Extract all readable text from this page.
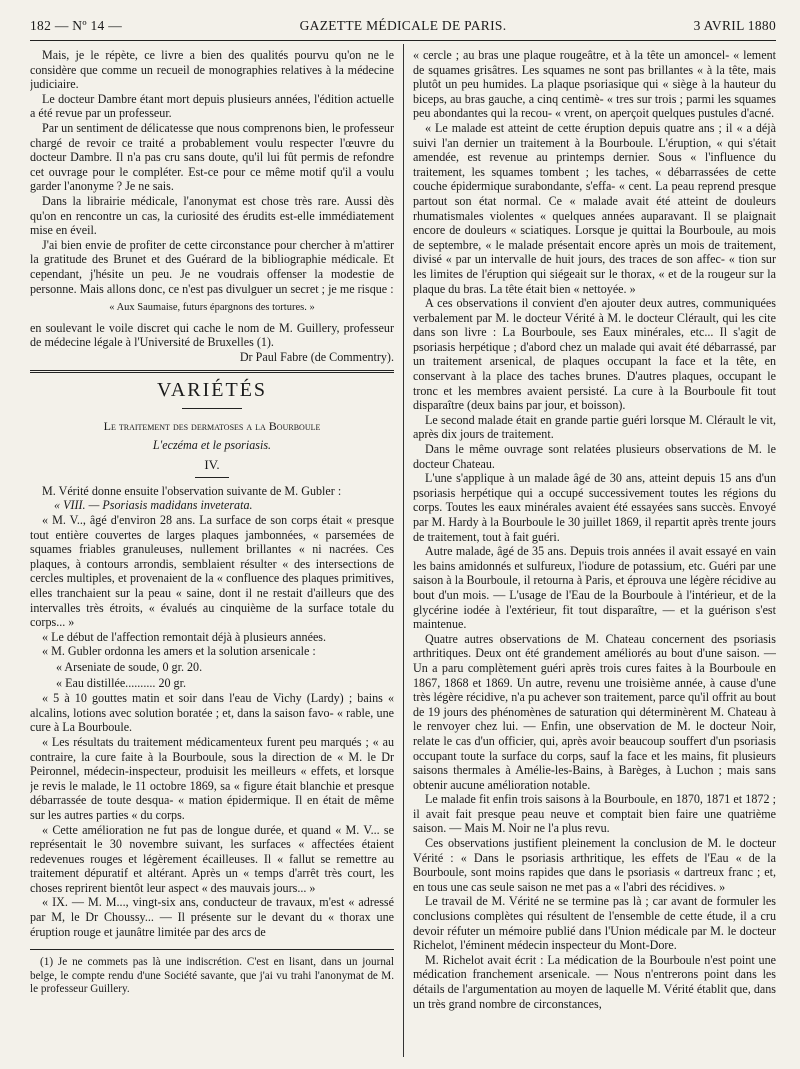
182 — Nº 14 —	GAZETTE MÉDICALE DE PARIS.	3 AVRIL 1880

Mais, je le répète, ce livre a bien des qualités pourvu qu'on ne le considère que comme un recueil de monographies relatives à la médecine judiciaire.

Le docteur Dambre étant mort depuis plusieurs années, l'édition actuelle a été revue par un professeur.

Par un sentiment de délicatesse que nous comprenons bien, le professeur chargé de revoir ce traité a probablement voulu respecter l'œuvre du docteur Dambre. Il n'a pas cru sans doute, qu'il lui fût permis de refondre cet ouvrage pour le compléter. Est-ce pour ce même motif qu'il a voulu garder l'anonyme ? Je ne sais.

Dans la librairie médicale, l'anonymat est chose très rare. Aussi dès qu'on en rencontre un cas, la curiosité des érudits est-elle immédiatement mise en éveil.

J'ai bien envie de profiter de cette circonstance pour chercher à m'attirer la gratitude des Brunet et des Guérard de la bibliographie médicale. Et cependant, j'hésite un peu. Je ne voudrais offenser la modestie de personne. Mais allons donc, ce n'est pas divulguer un secret ; je me risque :

« Aux Saumaise, futurs épargnons des tortures. »

en soulevant le voile discret qui cache le nom de M. Guillery, professeur de médecine légale à l'Université de Bruxelles (1).

Dr Paul Fabre (de Commentry).

VARIÉTÉS

Le traitement des dermatoses a la Bourboule

L'eczéma et le psoriasis.

IV.

M. Vérité donne ensuite l'observation suivante de M. Gubler :

« VIII. — Psoriasis madidans inveterata.

« M. V.., âgé d'environ 28 ans. La surface de son corps était « presque tout entière couvertes de larges plaques jambonnées, « parsemées de squames friables granuleuses, nullement brillantes « ni nacrées. Ces plaques, à contours arrondis, semblaient résulter « des intersections de cercles multiples, et provenaient de la « confluence des plaques primitives, elles tranchaient sur la peau « saine, dont il ne restait d'ailleurs que des intervalles très étroits, « évalués au cinquième de la surface totale du corps... »

« Le début de l'affection remontait déjà à plusieurs années.

« M. Gubler ordonna les amers et la solution arsenicale :

« Arseniate de soude, 0 gr. 20.

« Eau distillée.......... 20 gr.

« 5 à 10 gouttes matin et soir dans l'eau de Vichy (Lardy) ; bains « alcalins, lotions avec solution boratée ; et, dans la saison favo- « rable, une cure à La Bourboule.

« Les résultats du traitement médicamenteux furent peu marqués ; « au contraire, la cure faite à la Bourboule, sous la direction de « M. le Dr Peironnel, médecin-inspecteur, produisit les meilleurs « effets, et lorsque je revis le malade, le 11 octobre 1869, sa « figure était blanchie et presque débarrassée de toute desqua- « mation épidermique. Il en était de même sur les autres parties « du corps.

« Cette amélioration ne fut pas de longue durée, et quand « M. V... se représentait le 30 novembre suivant, les surfaces « affectées étaient redevenues rouges et légèrement écailleuses. Il « fallut se remettre au traitement dépuratif et altérant. Après un « temps d'arrêt très court, les choses reprirent bientôt leur aspect « des mauvais jours... »

« IX. — M. M..., vingt-six ans, conducteur de travaux, m'est « adressé par M, le Dr Choussy... — Il présente sur le devant du « thorax une éruption rouge et jaunâtre limitée par des arcs de

(1) Je ne commets pas là une indiscrétion. C'est en lisant, dans un journal belge, le compte rendu d'une Société savante, que j'ai vu trahi l'anonymat de M. le professeur Guillery.

« cercle ; au bras une plaque rougeâtre, et à la tête un amoncel- « lement de squames grisâtres. Les squames ne sont pas brillantes « à la tête, mais plutôt un peu humides. La plaque psoriasique qui « siège à la hauteur du biceps, au bras gauche, a cinq centimè- « tres sur trois ; parmi les squames peu abondantes qui la recou- « vrent, on aperçoit quelques pustules d'acné.

« Le malade est atteint de cette éruption depuis quatre ans ; il « a déjà suivi l'an dernier un traitement à la Bourboule. L'éruption, « qui s'était amendée, est revenue au printemps dernier. Sous « l'influence du traitement, les squames tombent ; les taches, « débarrassées de cette couche épidermique surabondante, s'effa- « cent. La peau reprend presque partout son état normal. Ce « malade avait été atteint de douleurs rhumatismales violentes « quelques années auparavant. Il se plaignait encore de douleurs « sciatiques. Lorsque je quittai la Bourboule, au mois de septembre, « le malade présentait encore après un mois de traitement, divisé « par un intervalle de huit jours, des traces de son affec- « tion sur les limites de l'éruption qui siégeait sur le thorax, « et de la rougeur sur la plaque du bras. La tête était bien « nettoyée. »

A ces observations il convient d'en ajouter deux autres, communiquées verbalement par M. le docteur Vérité à M. le docteur Clérault, qui les cite dans son livre : La Bourboule, ses Eaux minérales, etc... Il s'agit de psoriasis herpétique ; d'abord chez un malade qui avait été débarrassé, par un traitement arsenical, de plaques occupant la face et la tête, en conservant à la place des taches brunes. D'autres plaques, occupant le tronc et les membres avaient persisté. La cure à la Bourboule fit tout disparaître (deux bains par jour, et boisson).

Le second malade était en grande partie guéri lorsque M. Clérault le vit, après dix jours de traitement.

Dans le même ouvrage sont relatées plusieurs observations de M. le docteur Chateau.

L'une s'applique à un malade âgé de 30 ans, atteint depuis 15 ans d'un psoriasis herpétique qui a occupé successivement toutes les régions du corps. Toutes les eaux minérales avaient été essayées sans succès. Envoyé par M. Hardy à la Bourboule le 30 juillet 1869, il repartit après trente jours de traitement, tout à fait guéri.

Autre malade, âgé de 35 ans. Depuis trois années il avait essayé en vain les bains amidonnés et sulfureux, l'iodure de potassium, etc. Guéri par une saison à la Bourboule, il retourna à Paris, et éprouva une légère récidive au bout d'un mois. — L'usage de l'Eau de la Bourboule à l'intérieur, et de la glycérine iodée à l'extérieur, fit tout disparaître, — et la guérison s'est maintenue.

Quatre autres observations de M. Chateau concernent des psoriasis arthritiques. Deux ont été grandement améliorés au bout d'une saison. — Un a paru complètement guéri après trois cures faites à la Bourboule en 1867, 1868 et 1869. Un autre, revenu une troisième année, à cause d'une très légère récidive, n'a pu achever son traitement, parce qu'il offrit au bout de 19 jours des phénomènes de saturation qui déterminèrent M. Chateau à le renvoyer chez lui. — Enfin, une observation de M. le docteur Noir, relate le cas d'un officier, qui, après avoir beaucoup souffert d'un psoriasis occupant toute la surface du corps, sauf la face et les mains, fit plusieurs saisons thermales à Amélie-les-Bains, à Barèges, à Luchon ; mais sans obtenir aucune amélioration notable.

Le malade fit enfin trois saisons à la Bourboule, en 1870, 1871 et 1872 ; il avait fait presque peau neuve et comptait bien faire une quatrième saison. — Mais M. Noir ne l'a plus revu.

Ces observations justifient pleinement la conclusion de M. le docteur Vérité : « Dans le psoriasis arthritique, les effets de l'Eau « de la Bourboule, sont moins rapides que dans le psoriasis « dartreux franc ; et, en tous une cas seule saison ne met pas a « l'abri des récidives. »

Le travail de M. Vérité ne se termine pas là ; car avant de formuler les conclusions complètes qui résultent de l'ensemble de cette étude, il a cru devoir réfuter un mémoire publié dans l'Union médicale par M. le docteur Richelot, l'éminent médecin inspecteur du Mont-Dore.

M. Richelot avait écrit : La médication de la Bourboule n'est point une médication franchement arsenicale. — Nous n'entrerons point dans les détails de l'argumentation au moyen de laquelle M. Vérité établit que, dans un très grand nombre de circonstances,
